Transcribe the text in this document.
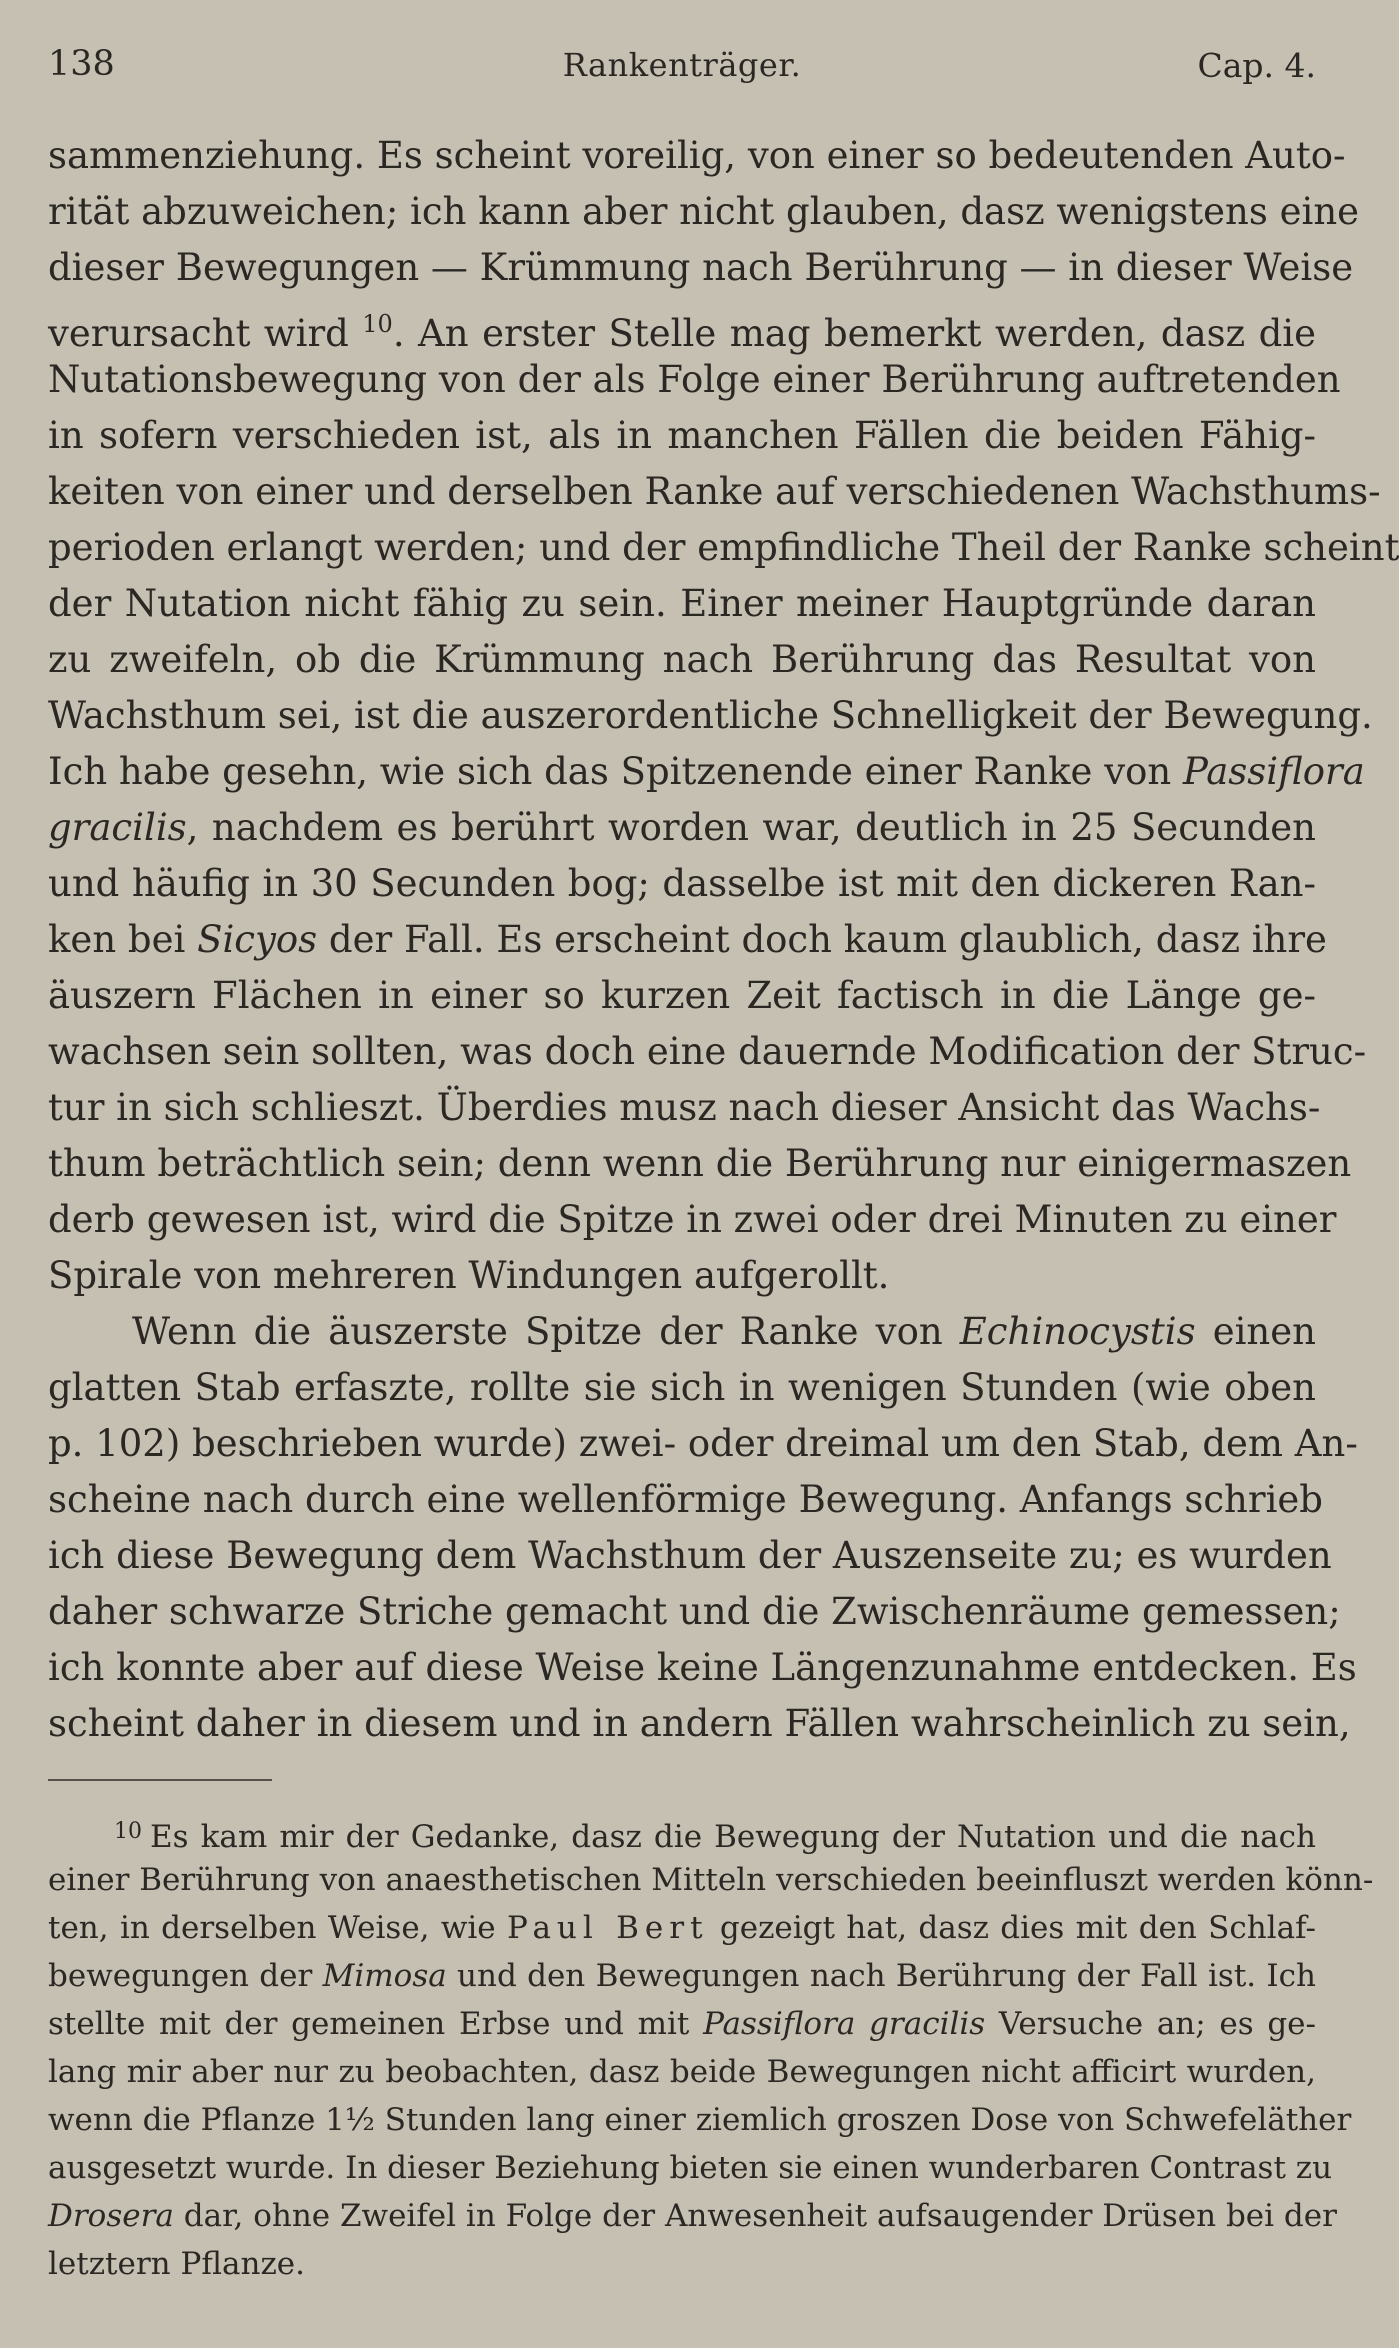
138	Rankenträger.	Cap. 4.
sammenziehung. Es scheint voreilig, von einer so bedeutenden Auto-
rität abzuweichen; ich kann aber nicht glauben, dasz wenigstens eine
dieser Bewegungen — Krümmung nach Berührung — in dieser Weise
verursacht wird $^{10}$. An erster Stelle mag bemerkt werden, dasz die
Nutationsbewegung von der als Folge einer Berührung auftretenden
in sofern verschieden ist, als in manchen Fällen die beiden Fähig-
keiten von einer und derselben Ranke auf verschiedenen Wachsthums-
perioden erlangt werden; und der empfindliche Theil der Ranke scheint
der Nutation nicht fähig zu sein. Einer meiner Hauptgründe daran
zu zweifeln, ob die Krümmung nach Berührung das Resultat von
Wachsthum sei, ist die auszerordentliche Schnelligkeit der Bewegung.
Ich habe gesehn, wie sich das Spitzenende einer Ranke von Passiflora
gracilis, nachdem es berührt worden war, deutlich in 25 Secunden
und häufig in 30 Secunden bog; dasselbe ist mit den dickeren Ran-
ken bei Sicyos der Fall. Es erscheint doch kaum glaublich, dasz ihre
äuszern Flächen in einer so kurzen Zeit factisch in die Länge ge-
wachsen sein sollten, was doch eine dauernde Modification der Struc-
tur in sich schlieszt. Überdies musz nach dieser Ansicht das Wachs-
thum beträchtlich sein; denn wenn die Berührung nur einigermaszen
derb gewesen ist, wird die Spitze in zwei oder drei Minuten zu einer
Spirale von mehreren Windungen aufgerollt.
Wenn die äuszerste Spitze der Ranke von Echinocystis einen
glatten Stab erfaszte, rollte sie sich in wenigen Stunden (wie oben
p. 102) beschrieben wurde) zwei- oder dreimal um den Stab, dem An-
scheine nach durch eine wellenförmige Bewegung. Anfangs schrieb
ich diese Bewegung dem Wachsthum der Auszenseite zu; es wurden
daher schwarze Striche gemacht und die Zwischenräume gemessen;
ich konnte aber auf diese Weise keine Längenzunahme entdecken. Es
scheint daher in diesem und in andern Fällen wahrscheinlich zu sein,
$^{10}$ Es kam mir der Gedanke, dasz die Bewegung der Nutation und die nach
einer Berührung von anaesthetischen Mitteln verschieden beeinfluszt werden könn-
ten, in derselben Weise, wie Paul Bert gezeigt hat, dasz dies mit den Schlaf-
bewegungen der Mimosa und den Bewegungen nach Berührung der Fall ist. Ich
stellte mit der gemeinen Erbse und mit Passiflora gracilis Versuche an; es ge-
lang mir aber nur zu beobachten, dasz beide Bewegungen nicht afficirt wurden,
wenn die Pflanze 1½ Stunden lang einer ziemlich groszen Dose von Schwefeläther
ausgesetzt wurde. In dieser Beziehung bieten sie einen wunderbaren Contrast zu
Drosera dar, ohne Zweifel in Folge der Anwesenheit aufsaugender Drüsen bei der
letztern Pflanze.
